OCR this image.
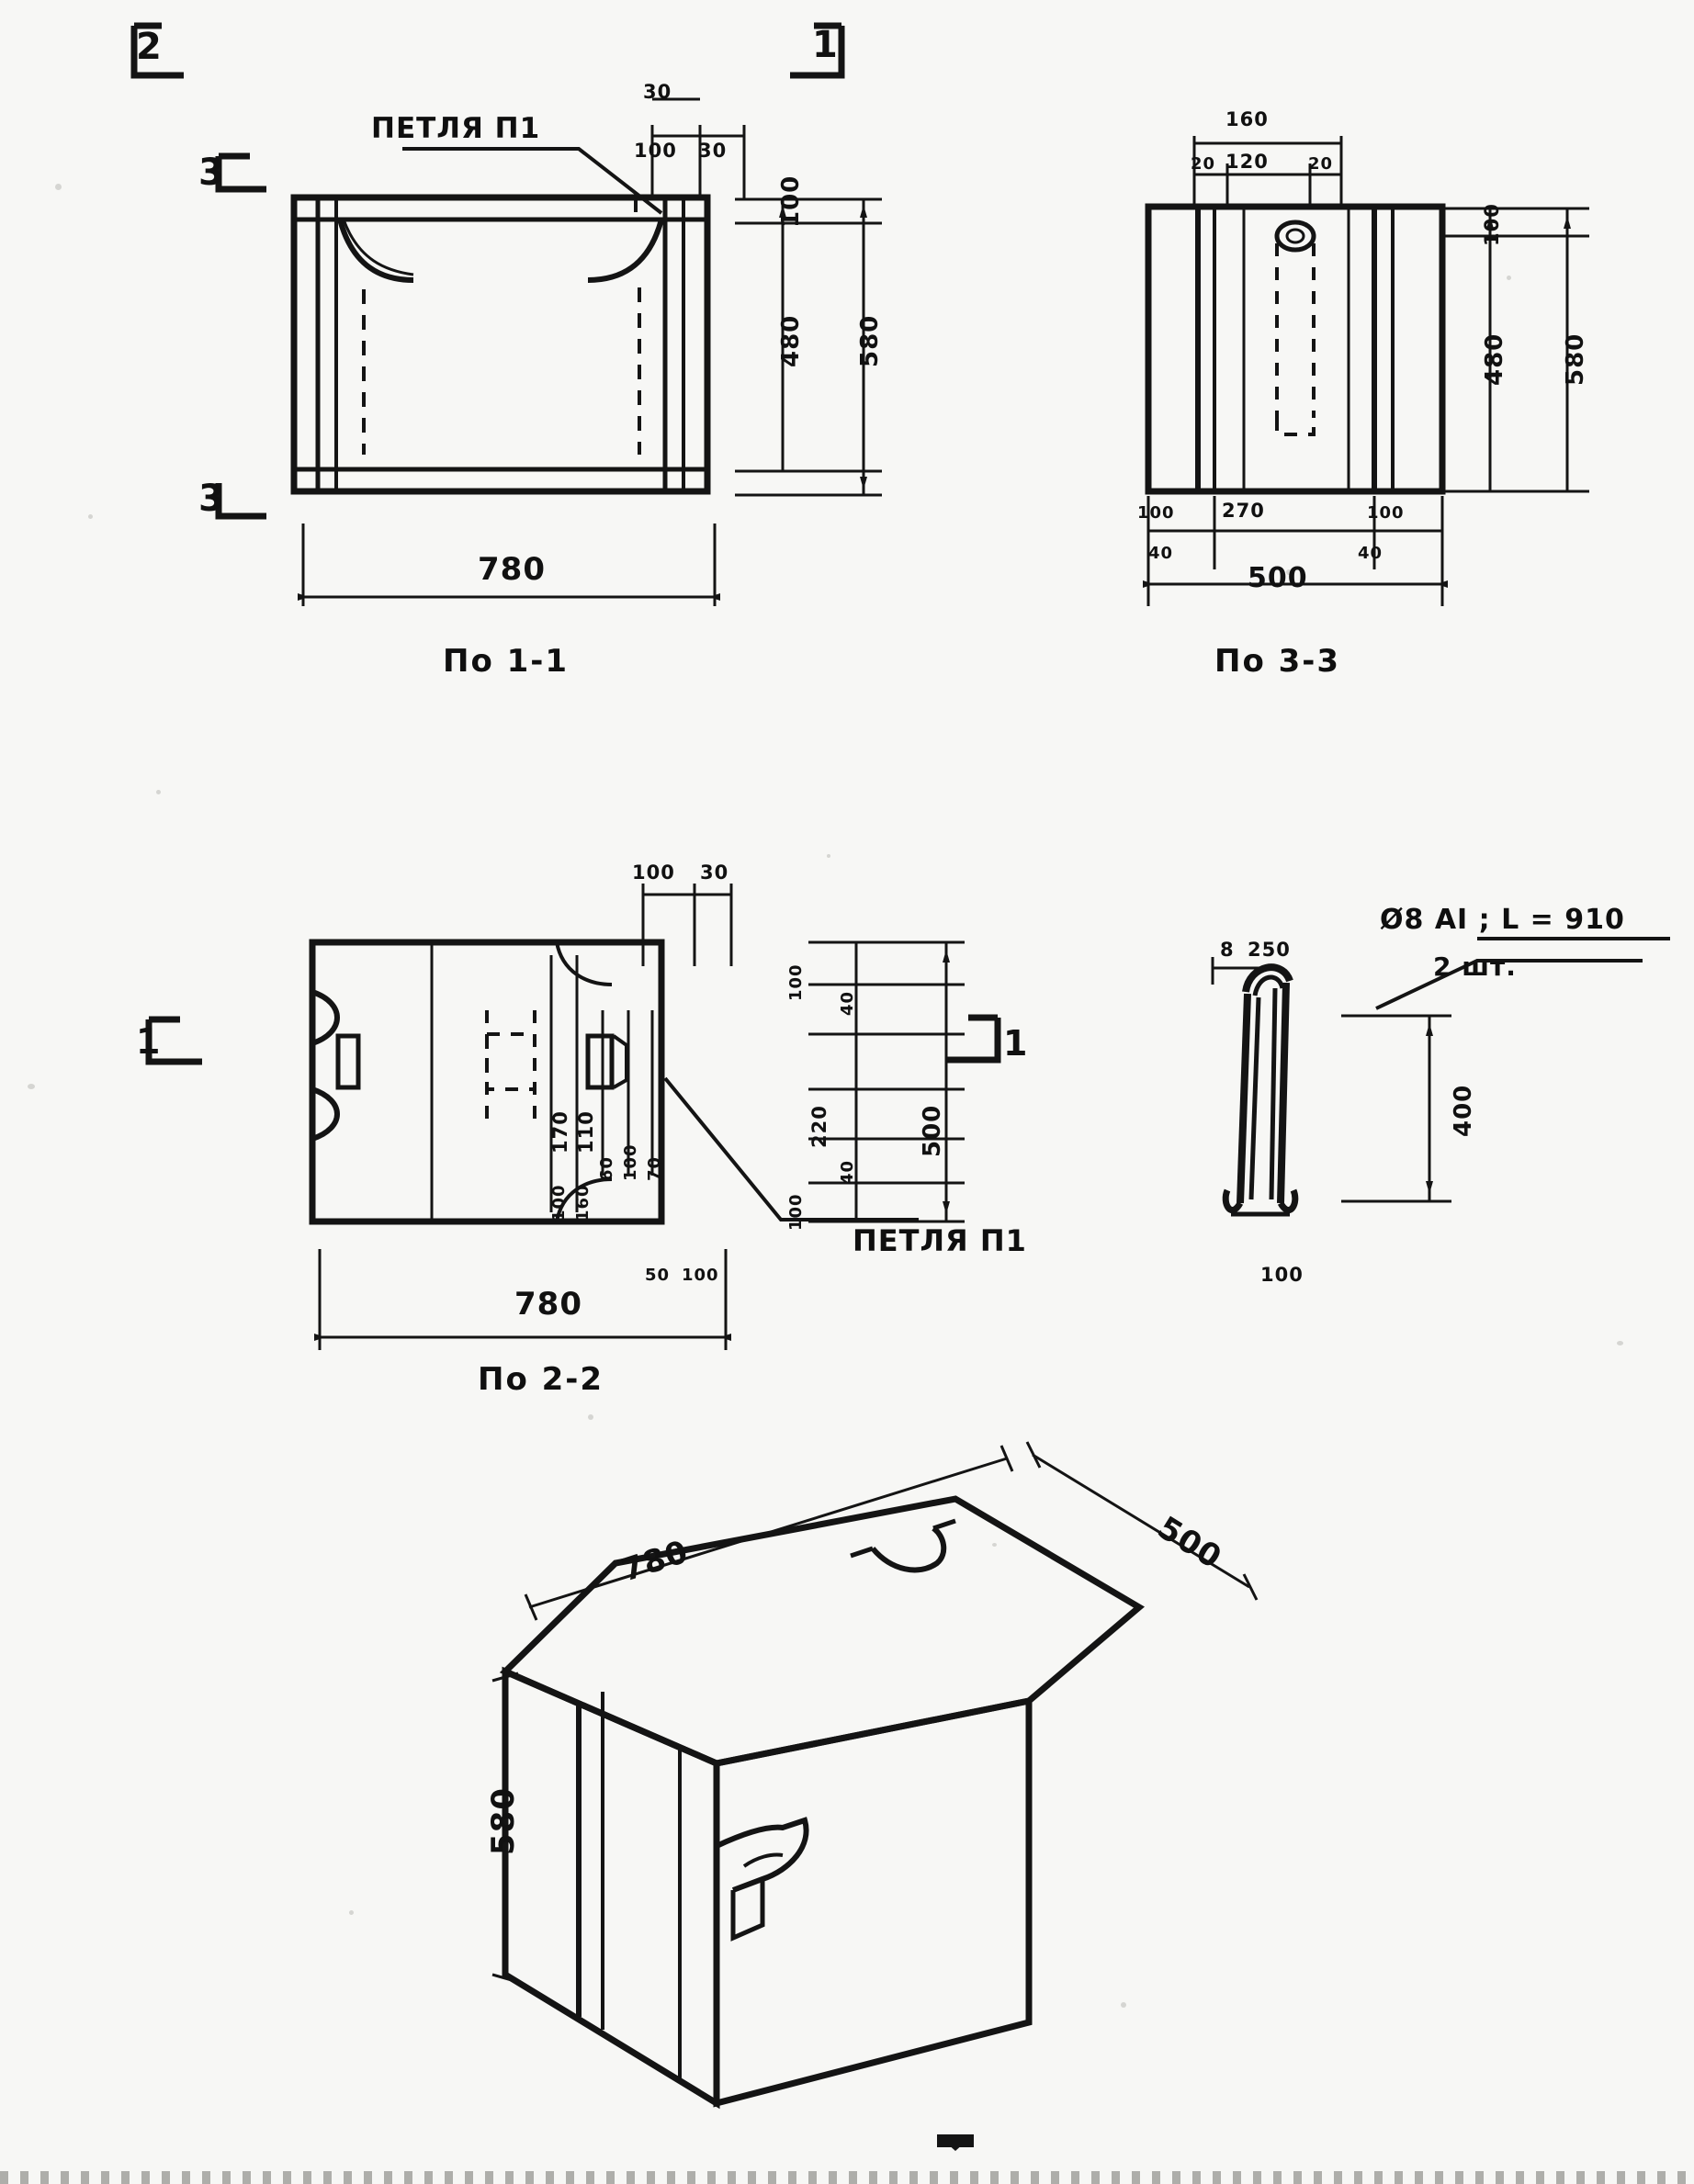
2	1
3
3
30
100 30
ПЕТЛЯ П1
100
480 580
780
По 1-1
160
20 120 20
100
480 580
100 270	100
40	40
500
По 3-3
1	1
100 30
170 110
100 160
60 100 70
100
40
220
40
100
500
ПЕТЛЯ П1
50 100
780
По 2-2
8 250
400
100
Ø8 АI ; L = 910
2 шт.
780	500
580
